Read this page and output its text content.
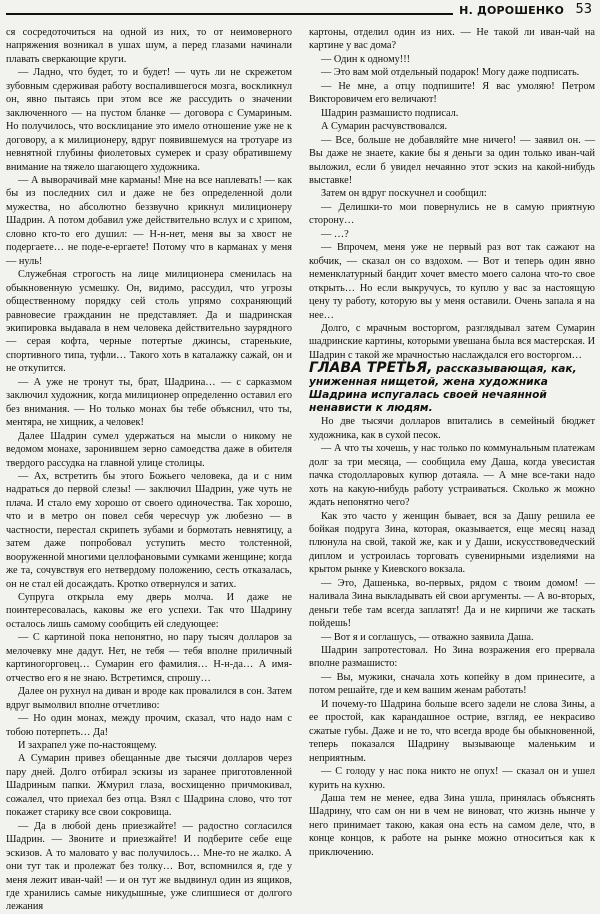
Н. ДОРОШЕНКО 53

ся сосредоточиться на одной из них, то от неимоверного напряжения возникал в ушах шум, а перед глазами начинали плавать сверкающие круги.

— Ладно, что будет, то и будет! — чуть ли не скрежетом зубовным сдерживая работу воспалившегося мозга, воскликнул он, явно пытаясь при этом все же рассудить о значении заключенного — на пустом бланке — договора с Сумариным. Но получилось, что восклицание это имело отношение уже не к договору, а к милиционеру, вдруг появившемуся на тротуаре из невнятной глубины фиолетовых сумерек и сразу обратившему внимание на тяжело шагающего художника.

— А выворачивай мне карманы! Мне на все наплевать! — как бы из последних сил и даже не без определенной доли мужества, но абсолютно беззвучно крикнул милиционеру Шадрин. А потом добавил уже действительно вслух и с хрипом, словно кто-то его душил: — Н-н-нет, меня вы за хвост не подергаете… не поде-е-ергаете! Потому что в карманах у меня — нуль!

Служебная строгость на лице милиционера сменилась на обыкновенную усмешку. Он, видимо, рассудил, что угрозы общественному порядку сей столь упрямо сохраняющий равновесие гражданин не представляет. Да и шадринская экипировка выдавала в нем человека действительно заурядного — серая кофта, черные потертые джинсы, старенькие, спортивного типа, туфли… Такого хоть в каталажку сажай, он и не откупится.

— А уже не тронут ты, брат, Шадрина… — с сарказмом заключил художник, когда милиционер определенно оставил его без внимания. — Но только монах бы тебе объяснил, что ты, ментяра, не хищник, а человек!

Далее Шадрин сумел удержаться на мысли о никому не ведомом монахе, заронившем зерно самоедства даже в обителя твердого рассудка на главной улице столицы.

— Ах, встретить бы этого Божьего человека, да и с ним надраться до первой слезы! — заключил Шадрин, уже чуть не плача. И стало ему хорошо от своего одиночества. Так хорошо, что и в метро он повел себя чересчур уж любезно — в частности, перестал скрипеть зубами и бормотать невнятицу, а затем даже попробовал уступить место толстенной, вооруженной многими целлофановыми сумками женщине; когда же та, сочувствуя его нетвердому положению, сесть отказалась, он не стал ей досаждать. Кротко отвернулся и затих.

Супруга открыла ему дверь молча. И даже не поинтересовалась, каковы же его успехи. Так что Шадрину осталось лишь самому сообщить ей следующее:

— С картиной пока непонятно, но пару тысяч долларов за мелочевку мне дадут. Нет, не тебя — тебя вполне приличный картиногорговец… Сумарин его фамилия… Н-н-да… А имя-отчество его я не знаю. Встретимся, спрошу…

Далее он рухнул на диван и вроде как провалился в сон. Затем вдруг вымолвил вполне отчетливо:

— Но один монах, между прочим, сказал, что надо нам с тобою потерпеть… Да!

И захрапел уже по-настоящему.

А Сумарин привез обещанные две тысячи долларов через пару дней. Долго отбирал эскизы из заранее приготовленной Шадриным папки. Жмурил глаза, восхищенно причмокивал, сожалел, что приехал без отца. Взял с Шадрина слово, что тот покажет старику все свои сокровища.

— Да в любой день приезжайте! — радостно согласился Шадрин. — Звоните и приезжайте! И подберите себе еще эскизов. А то маловато у вас получилось… Мне-то не жалко. А они тут так и пролежат без толку… Вот, вспомнился я, где у меня лежит иван-чай! — и он тут же выдвинул один из ящиков, где хранились самые никудышные, уже слипшиеся от долгого лежания

картоны, отделил один из них. — Не такой ли иван-чай на картине у вас дома?

— Один к одному!!!

— Это вам мой отдельный подарок! Могу даже подписать.

— Не мне, а отцу подпишите! Я вас умоляю! Петром Викторовичем его величают!

Шадрин размашисто подписал.

А Сумарин расчувствовался.

— Все, больше не добавляйте мне ничего! — заявил он. — Вы даже не знаете, какие бы я деньги за один только иван-чай выложил, если б увидел нечаянно этот эскиз на какой-нибудь выставке!

Затем он вдруг поскучнел и сообщил:

— Делишки-то мои повернулись не в самую приятную сторону…

— …?

— Впрочем, меня уже не первый раз вот так сажают на кобчик, — сказал он со вздохом. — Вот и теперь один явно неменклатурный бандит хочет вместо моего салона что-то свое открыть… Но если выкручусь, то куплю у вас за настоящую цену ту работу, которую вы у меня оставили. Очень запала я на нее…

Долго, с мрачным восторгом, разглядывал затем Сумарин шадринские картины, которыми увешана была вся мастерская. И Шадрин с такой же мрачностью наслаждался его восторгом…

ГЛАВА ТРЕТЬЯ, рассказывающая, как, униженная нищетой, жена художника Шадрина испугалась своей нечаянной ненависти к людям.

Но две тысячи долларов впитались в семейный бюджет художника, как в сухой песок.

— А что ты хочешь, у нас только по коммунальным платежам долг за три месяца, — сообщила ему Даша, когда увесистая пачка стодолларовых купюр дотаяла. — А мне все-таки надо хоть на какую-нибудь работу устраиваться. Сколько ж можно ждать непонятно чего?

Как это часто у женщин бывает, вся за Дашу решила ее бойкая подруга Зина, которая, оказывается, еще месяц назад плюнула на свой, такой же, как и у Даши, искусствоведческий диплом и устроилась торговать сувенирными изделиями на крытом рынке у Киевского вокзала.

— Это, Дашенька, во-первых, рядом с твоим домом! — наливала Зина выкладывать ей свои аргументы. — А во-вторых, деньги тебе там всегда заплатят! Да и не кирпичи же таскать пойдешь!

— Вот я и соглашусь, — отважно заявила Даша.

Шадрин запротестовал. Но Зина возражения его прервала вполне размашисто:

— Вы, мужики, сначала хоть копейку в дом принесите, а потом решайте, где и кем вашим женам работать!

И почему-то Шадрина больше всего задели не слова Зины, а ее простой, как карандашное острие, взгляд, ее некрасиво сжатые губы. Даже и не то, что всегда вроде бы обыкновенной, теперь показался Шадрину вызывающе маленьким и неприятным.

— С голоду у нас пока никто не опух! — сказал он и ушел курить на кухню.

Даша тем не менее, едва Зина ушла, принялась объяснять Шадрину, что сам он ни в чем не виноват, что жизнь нынче у него принимает такою, какая она есть на самом деле, что, в конце концов, к работе на рынке можно относиться как к приключению.
